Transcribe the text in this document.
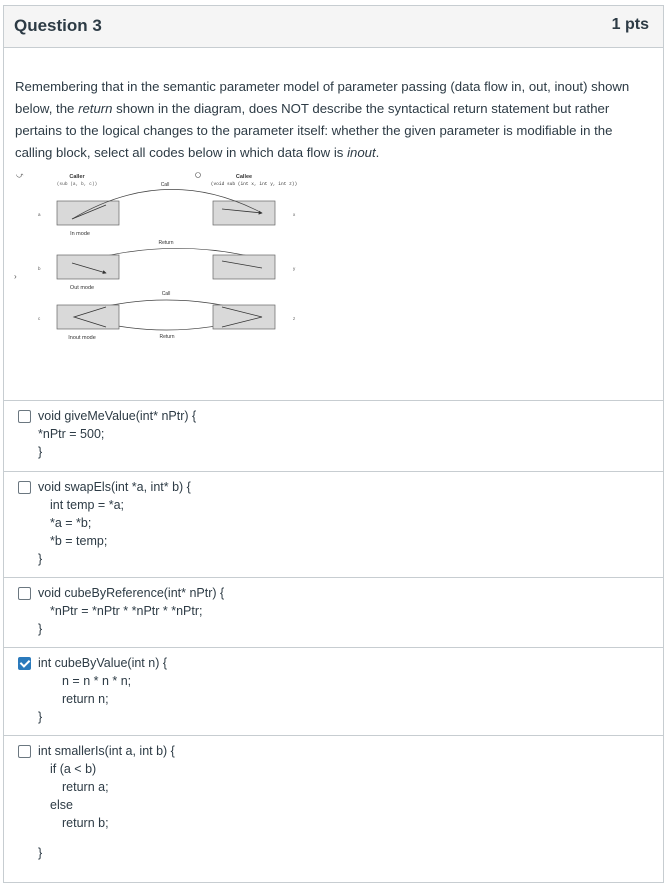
Question 3	1 pts
Remembering that in the semantic parameter model of parameter passing (data flow in, out, inout) shown below, the return shown in the diagram, does NOT describe the syntactical return statement but rather pertains to the logical changes to the parameter itself: whether the given parameter is modifiable in the calling block, select all codes below in which data flow is inout.
Caller
(sub (a, b, c))
Callee
(void sub (int x, int y, int z))
Call
⤻
a	x
In mode
Return
b	y
Out mode
›
Call
c	z
Inout mode	Return
void giveMeValue(int* nPtr) {
*nPtr = 500;
}
void swapEls(int *a, int* b) {
int temp = *a;
*a = *b;
*b = temp;
}
void cubeByReference(int* nPtr) {
*nPtr = *nPtr * *nPtr * *nPtr;
}
int cubeByValue(int n) {
n = n * n * n;
return n;
}
int smallerIs(int a, int b) {
if (a < b)
return a;
else
return b;
}
